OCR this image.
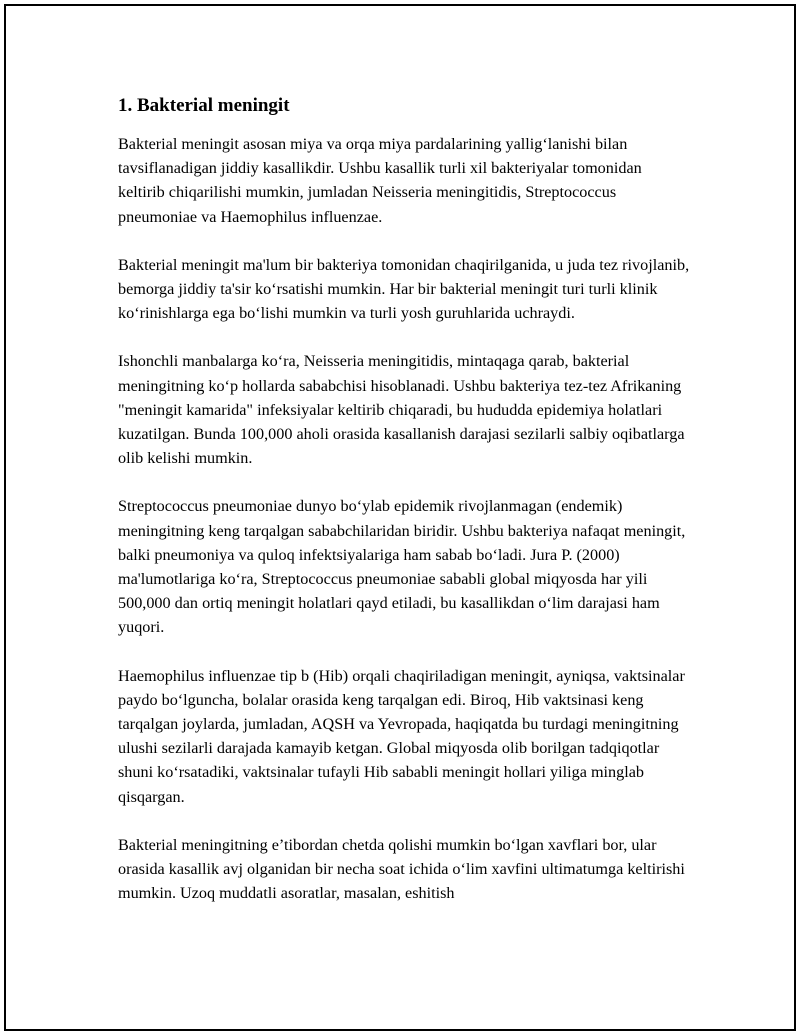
1. Bakterial meningit

Bakterial meningit asosan miya va orqa miya pardalarining yallig‘lanishi bilan tavsiflanadigan jiddiy kasallikdir. Ushbu kasallik turli xil bakteriyalar tomonidan keltirib chiqarilishi mumkin, jumladan Neisseria meningitidis, Streptococcus pneumoniae va Haemophilus influenzae.

Bakterial meningit ma'lum bir bakteriya tomonidan chaqirilganida, u juda tez rivojlanib, bemorga jiddiy ta'sir ko‘rsatishi mumkin. Har bir bakterial meningit turi turli klinik ko‘rinishlarga ega bo‘lishi mumkin va turli yosh guruhlarida uchraydi.

Ishonchli manbalarga ko‘ra, Neisseria meningitidis, mintaqaga qarab, bakterial meningitning ko‘p hollarda sababchisi hisoblanadi. Ushbu bakteriya tez-tez Afrikaning "meningit kamarida" infeksiyalar keltirib chiqaradi, bu hududda epidemiya holatlari kuzatilgan. Bunda 100,000 aholi orasida kasallanish darajasi sezilarli salbiy oqibatlarga olib kelishi mumkin.

Streptococcus pneumoniae dunyo bo‘ylab epidemik rivojlanmagan (endemik) meningitning keng tarqalgan sababchilaridan biridir. Ushbu bakteriya nafaqat meningit, balki pneumoniya va quloq infektsiyalariga ham sabab bo‘ladi. Jura P. (2000) ma'lumotlariga ko‘ra, Streptococcus pneumoniae sababli global miqyosda har yili 500,000 dan ortiq meningit holatlari qayd etiladi, bu kasallikdan o‘lim darajasi ham yuqori.

Haemophilus influenzae tip b (Hib) orqali chaqiriladigan meningit, ayniqsa, vaktsinalar paydo bo‘lguncha, bolalar orasida keng tarqalgan edi. Biroq, Hib vaktsinasi keng tarqalgan joylarda, jumladan, AQSH va Yevropada, haqiqatda bu turdagi meningitning ulushi sezilarli darajada kamayib ketgan. Global miqyosda olib borilgan tadqiqotlar shuni ko‘rsatadiki, vaktsinalar tufayli Hib sababli meningit hollari yiliga minglab qisqargan.

Bakterial meningitning e’tibordan chetda qolishi mumkin bo‘lgan xavflari bor, ular orasida kasallik avj olganidan bir necha soat ichida o‘lim xavfini ultimatumga keltirishi mumkin. Uzoq muddatli asoratlar, masalan, eshitish
